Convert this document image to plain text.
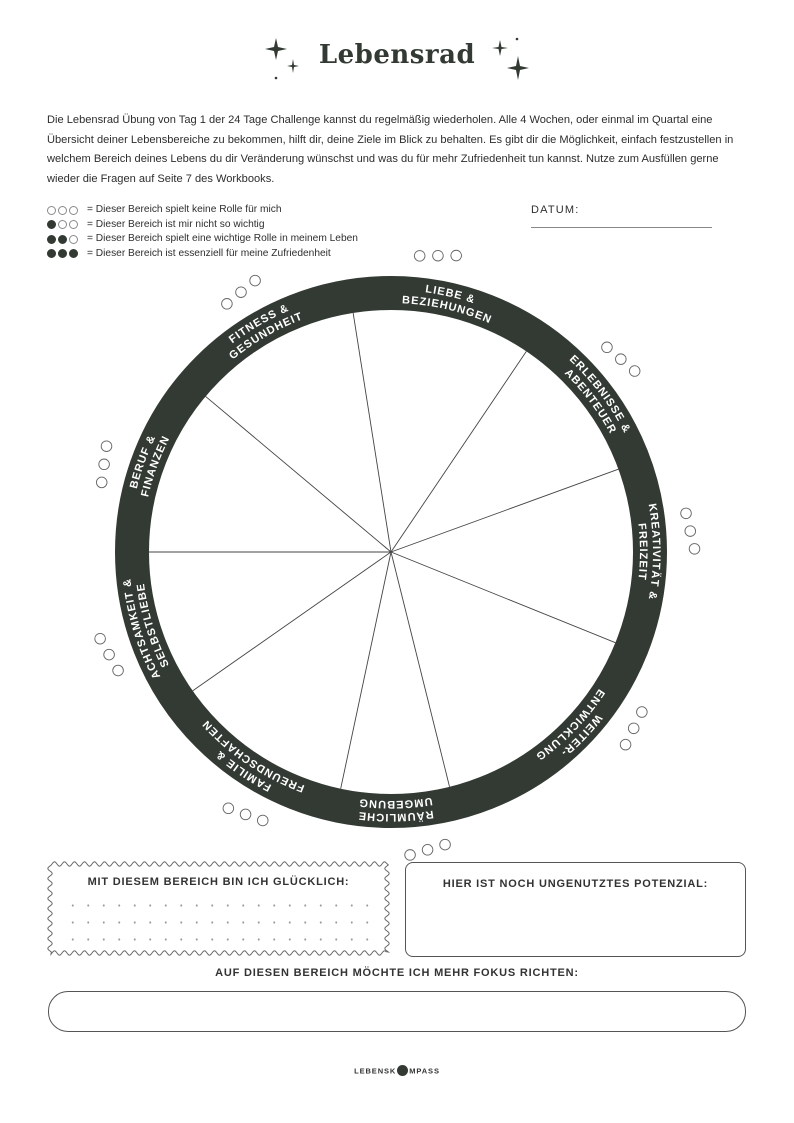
Lebensrad

Die Lebensrad Übung von Tag 1 der 24 Tage Challenge kannst du regelmäßig wiederholen. Alle 4 Wochen, oder einmal im Quartal eine Übersicht deiner Lebensbereiche zu bekommen, hilft dir, deine Ziele im Blick zu behalten. Es gibt dir die Möglichkeit, einfach festzustellen in welchem Bereich deines Lebens du dir Veränderung wünschst und was du für mehr Zufriedenheit tun kannst. Nutze zum Ausfüllen gerne wieder die Fragen auf Seite 7 des Workbooks.

= Dieser Bereich spielt keine Rolle für mich
= Dieser Bereich ist mir nicht so wichtig
= Dieser Bereich spielt eine wichtige Rolle in meinem Leben
= Dieser Bereich ist essenziell für meine Zufriedenheit
DATUM:
LIEBE &
BEZIEHUNGEN
ERLEBNISSE &
ABENTEUER
KREATIVITÄT &
FREIZEIT
WEITER-
ENTWICKLUNG
RÄUMLICHE
UMGEBUNG
FAMILIE &
FREUNDSCHAFTEN
ACHTSAMKEIT &
SELBSTLIEBE
BERUF &
FINANZEN
FITNESS &
GESUNDHEIT
MIT DIESEM BEREICH BIN ICH GLÜCKLICH:	HIER IST NOCH UNGENUTZTES POTENZIAL:
AUF DIESEN BEREICH MÖCHTE ICH MEHR FOKUS RICHTEN:
LEBENSK MPASS
